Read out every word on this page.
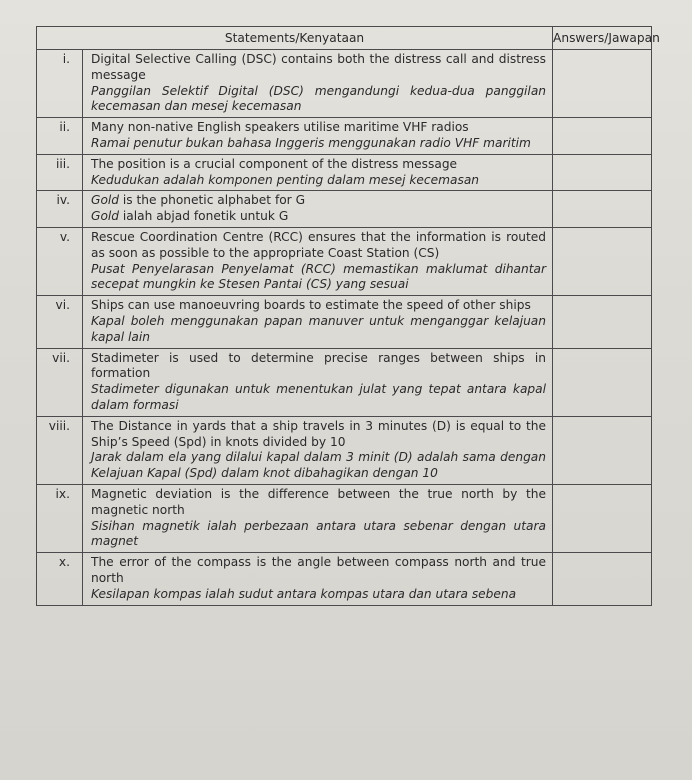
Statements/Kenyataan		Answers/Jawapan
i.	Digital Selective Calling (DSC) contains both the distress call and distress message
Panggilan Selektif Digital (DSC) mengandungi kedua-dua panggilan kecemasan dan mesej kecemasan	

ii.	Many non-native English speakers utilise maritime VHF radios
Ramai penutur bukan bahasa Inggeris menggunakan radio VHF maritim	

iii.	The position is a crucial component of the distress message
Kedudukan adalah komponen penting dalam mesej kecemasan	

iv.	Gold is the phonetic alphabet for G
Gold ialah abjad fonetik untuk G	

v.	Rescue Coordination Centre (RCC) ensures that the information is routed as soon as possible to the appropriate Coast Station (CS)
Pusat Penyelarasan Penyelamat (RCC) memastikan maklumat dihantar secepat mungkin ke Stesen Pantai (CS) yang sesuai	

vi.	Ships can use manoeuvring boards to estimate the speed of other ships
Kapal boleh menggunakan papan manuver untuk menganggar kelajuan kapal lain	

vii.	Stadimeter is used to determine precise ranges between ships in formation
Stadimeter digunakan untuk menentukan julat yang tepat antara kapal dalam formasi	

viii.	The Distance in yards that a ship travels in 3 minutes (D) is equal to the Ship’s Speed (Spd) in knots divided by 10
Jarak dalam ela yang dilalui kapal dalam 3 minit (D) adalah sama dengan Kelajuan Kapal (Spd) dalam knot dibahagikan dengan 10	

ix.	Magnetic deviation is the difference between the true north by the magnetic north
Sisihan magnetik ialah perbezaan antara utara sebenar dengan utara magnet	

x.	The error of the compass is the angle between compass north and true north
Kesilapan kompas ialah sudut antara kompas utara dan utara sebena	
